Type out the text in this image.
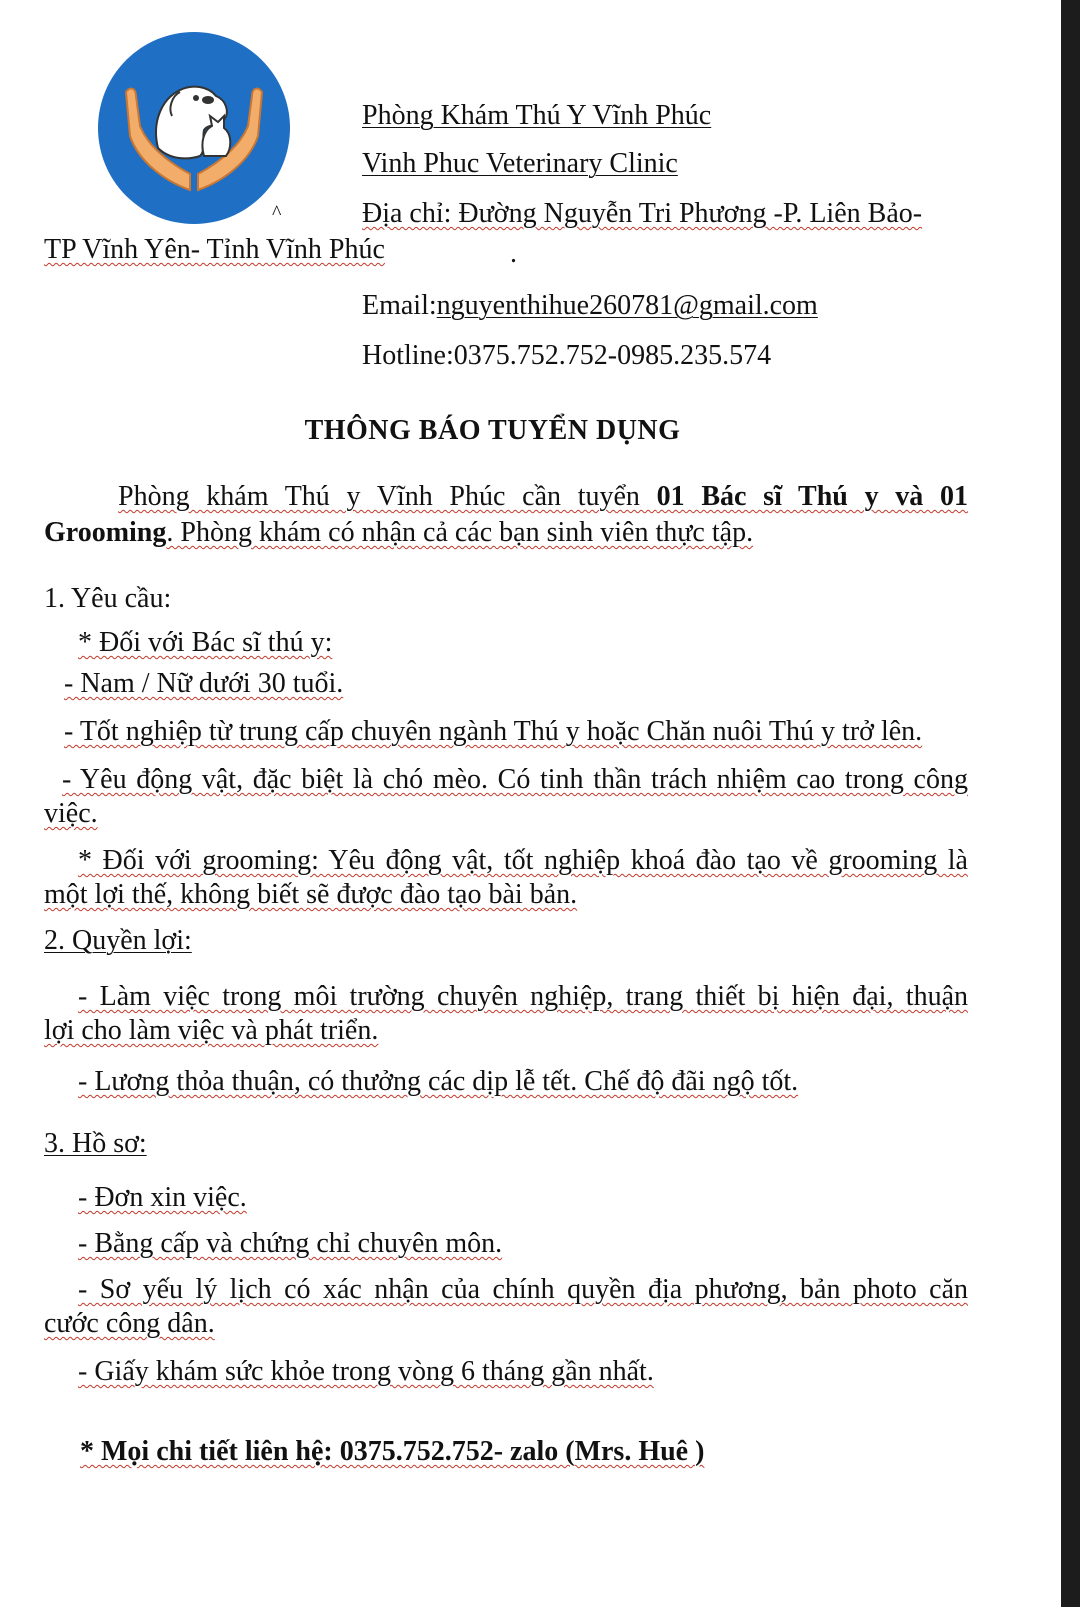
Phòng Khám Thú Y Vĩnh Phúc
Vinh Phuc Veterinary Clinic
^	Địa chỉ: Đường Nguyễn Tri Phương -P. Liên Bảo-
TP Vĩnh Yên- Tỉnh Vĩnh Phúc	.
Email:nguyenthihue260781@gmail.com
Hotline:0375.752.752-0985.235.574
THÔNG BÁO TUYỂN DỤNG
Phòng khám Thú y Vĩnh Phúc cần tuyển 01 Bác sĩ Thú y và 01
Grooming. Phòng khám có nhận cả các bạn sinh viên thực tập.
1. Yêu cầu:
* Đối với Bác sĩ thú y:
- Nam / Nữ dưới 30 tuổi.
- Tốt nghiệp từ trung cấp chuyên ngành Thú y hoặc Chăn nuôi Thú y trở lên.
- Yêu động vật, đặc biệt là chó mèo. Có tinh thần trách nhiệm cao trong công
việc.
* Đối với grooming: Yêu động vật, tốt nghiệp khoá đào tạo về grooming là
một lợi thế, không biết sẽ được đào tạo bài bản.
2. Quyền lợi:
- Làm việc trong môi trường chuyên nghiệp, trang thiết bị hiện đại, thuận
lợi cho làm việc và phát triển.
- Lương thỏa thuận, có thưởng các dịp lễ tết. Chế độ đãi ngộ tốt.
3. Hồ sơ:
- Đơn xin việc.
- Bằng cấp và chứng chỉ chuyên môn.
- Sơ yếu lý lịch có xác nhận của chính quyền địa phương, bản photo căn
cước công dân.
- Giấy khám sức khỏe trong vòng 6 tháng gần nhất.
* Mọi chi tiết liên hệ: 0375.752.752- zalo (Mrs. Huê )
